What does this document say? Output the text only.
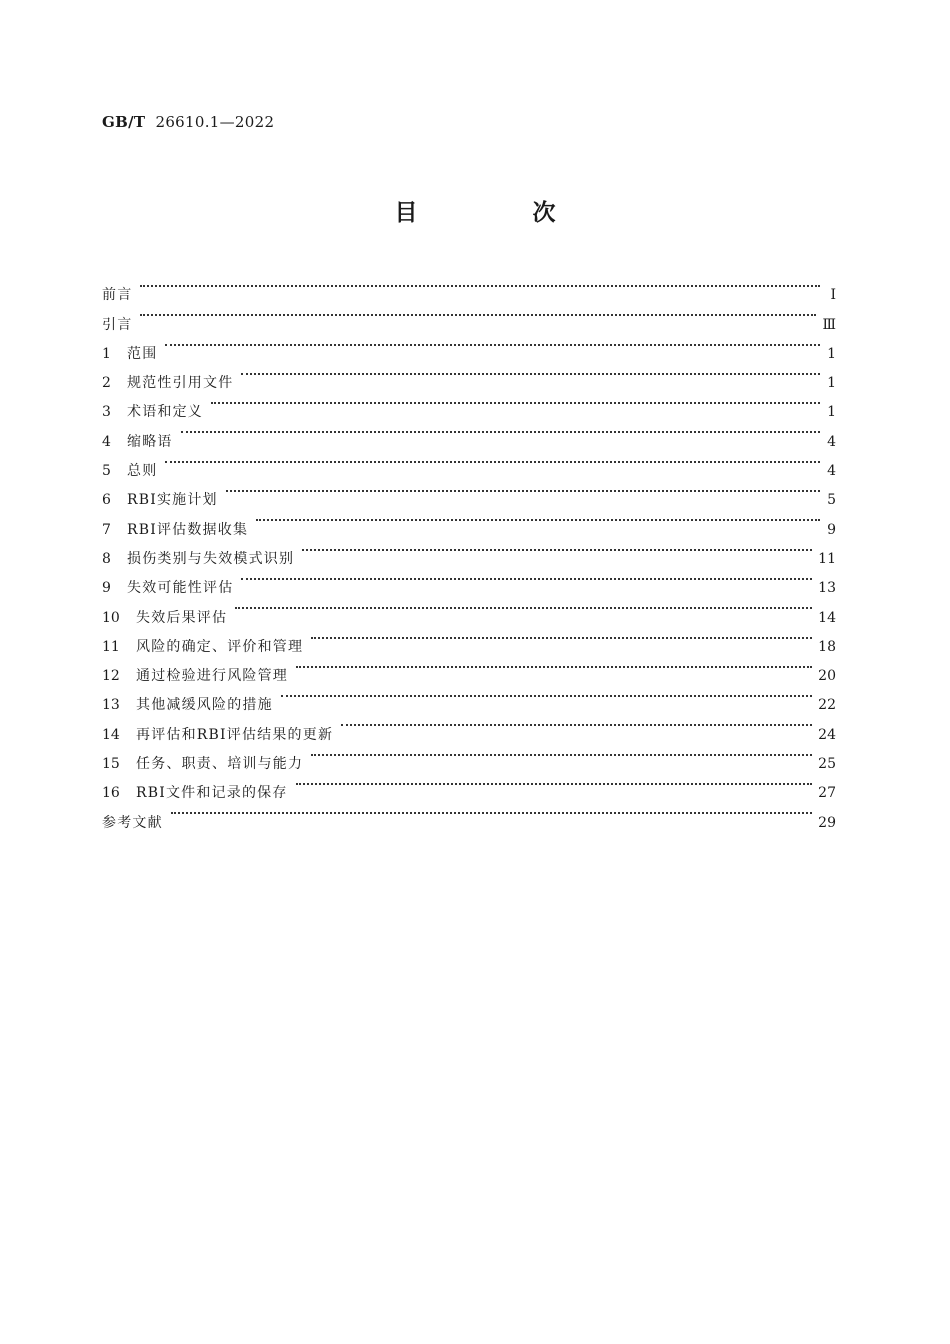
GB/T 26610.1—2022
目　次
前言	Ⅰ
引言	Ⅲ
1	范围	1
2	规范性引用文件	1
3	术语和定义	1
4	缩略语	4
5	总则	4
6	RBI实施计划	5
7	RBI评估数据收集	9
8	损伤类别与失效模式识别	11
9	失效可能性评估	13
10	失效后果评估	14
11	风险的确定、评价和管理	18
12	通过检验进行风险管理	20
13	其他减缓风险的措施	22
14	再评估和RBI评估结果的更新	24
15	任务、职责、培训与能力	25
16	RBI文件和记录的保存	27
参考文献	29
